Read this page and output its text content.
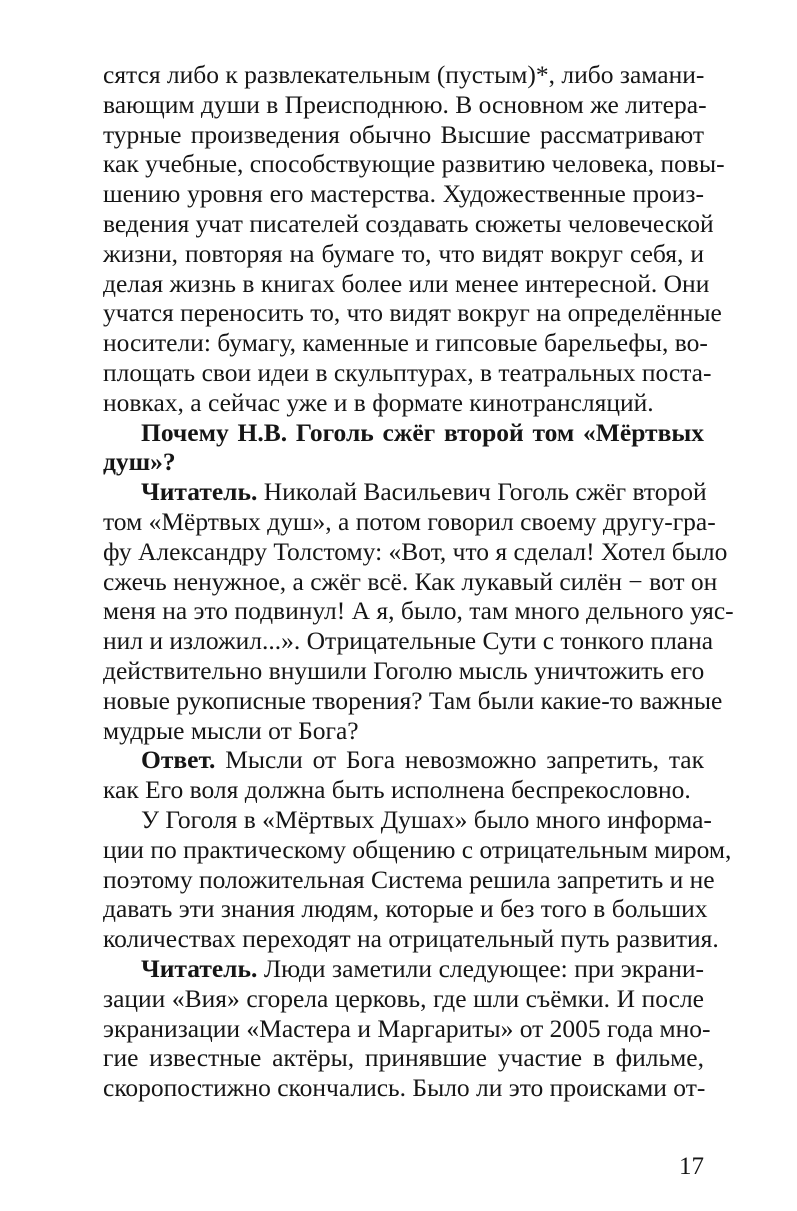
сятся либо к развлекательным (пустым)*, либо замани-
вающим души в Преисподнюю. В основном же литера-
турные произведения обычно Высшие рассматривают
как учебные, способствующие развитию человека, повы-
шению уровня его мастерства. Художественные произ-
ведения учат писателей создавать сюжеты человеческой
жизни, повторяя на бумаге то, что видят вокруг себя, и
делая жизнь в книгах более или менее интересной. Они
учатся переносить то, что видят вокруг на определённые
носители: бумагу, каменные и гипсовые барельефы, во-
площать свои идеи в скульптурах, в театральных поста-
новках, а сейчас уже и в формате кинотрансляций.
Почему Н.В. Гоголь сжёг второй том «Мёртвых
душ»?
Читатель. Николай Васильевич Гоголь сжёг второй
том «Мёртвых душ», а потом говорил своему другу-гра-
фу Александру Толстому: «Вот, что я сделал! Хотел было
сжечь ненужное, а сжёг всё. Как лукавый силён − вот он
меня на это подвинул! А я, было, там много дельного уяс-
нил и изложил...». Отрицательные Сути с тонкого плана
действительно внушили Гоголю мысль уничтожить его
новые рукописные творения? Там были какие-то важные
мудрые мысли от Бога?
Ответ. Мысли от Бога невозможно запретить, так
как Его воля должна быть исполнена беспрекословно.
У Гоголя в «Мёртвых Душах» было много информа-
ции по практическому общению с отрицательным миром,
поэтому положительная Система решила запретить и не
давать эти знания людям, которые и без того в больших
количествах переходят на отрицательный путь развития.
Читатель. Люди заметили следующее: при экрани-
зации «Вия» сгорела церковь, где шли съёмки. И после
экранизации «Мастера и Маргариты» от 2005 года мно-
гие известные актёры, принявшие участие в фильме,
скоропостижно скончались. Было ли это происками от-
17
